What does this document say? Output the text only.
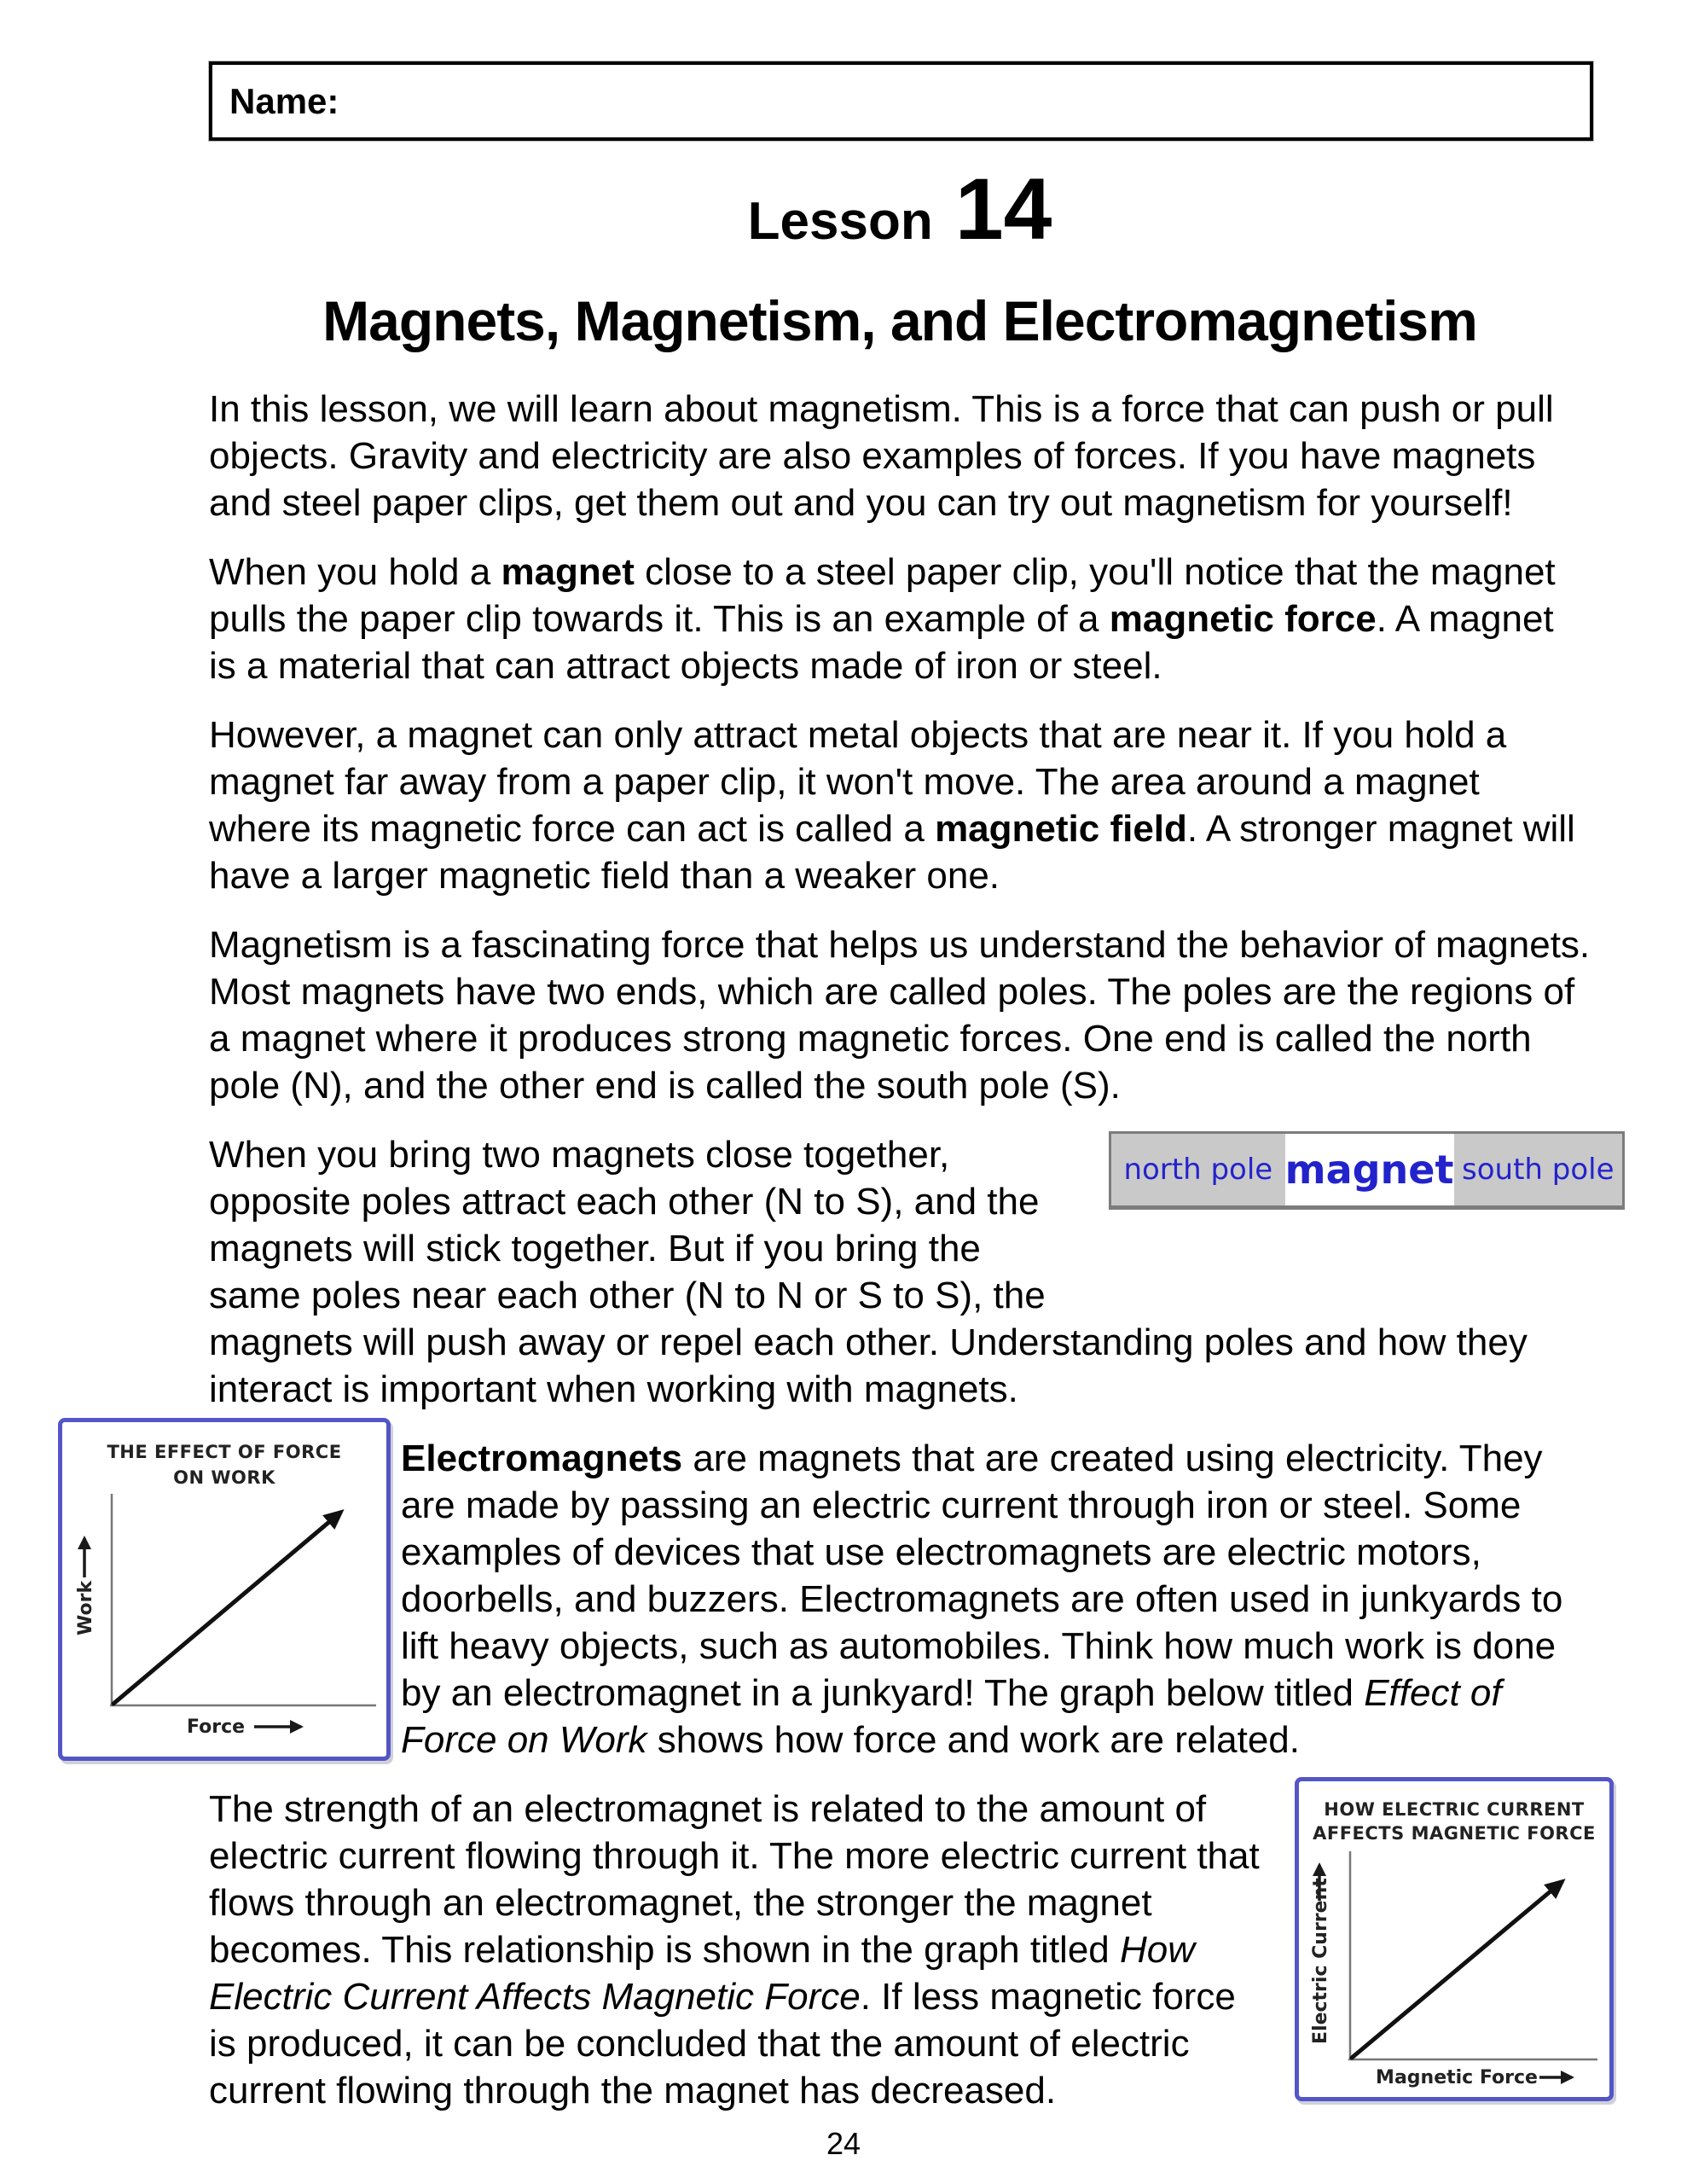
Name:
Lesson 14
Magnets, Magnetism, and Electromagnetism
In this lesson, we will learn about magnetism. This is a force that can push or pull objects. Gravity and electricity are also examples of forces. If you have magnets and steel paper clips, get them out and you can try out magnetism for yourself!
When you hold a magnet close to a steel paper clip, you'll notice that the magnet pulls the paper clip towards it. This is an example of a magnetic force. A magnet is a material that can attract objects made of iron or steel.
However, a magnet can only attract metal objects that are near it. If you hold a magnet far away from a paper clip, it won't move. The area around a magnet where its magnetic force can act is called a magnetic field. A stronger magnet will have a larger magnetic field than a weaker one.
Magnetism is a fascinating force that helps us understand the behavior of magnets. Most magnets have two ends, which are called poles. The poles are the regions of a magnet where it produces strong magnetic forces. One end is called the north pole (N), and the other end is called the south pole (S).
north pole magnet south pole
When you bring two magnets close together, opposite poles attract each other (N to S), and the magnets will stick together. But if you bring the same poles near each other (N to N or S to S), the magnets will push away or repel each other. Understanding poles and how they interact is important when working with magnets.
THE EFFECT OF FORCE
ON WORK
Work
Force
Electromagnets are magnets that are created using electricity. They are made by passing an electric current through iron or steel. Some examples of devices that use electromagnets are electric motors, doorbells, and buzzers. Electromagnets are often used in junkyards to lift heavy objects, such as automobiles. Think how much work is done by an electromagnet in a junkyard! The graph below titled Effect of Force on Work shows how force and work are related.
HOW ELECTRIC CURRENT
AFFECTS MAGNETIC FORCE
Electric Current
Magnetic Force
The strength of an electromagnet is related to the amount of electric current flowing through it. The more electric current that flows through an electromagnet, the stronger the magnet becomes. This relationship is shown in the graph titled How Electric Current Affects Magnetic Force. If less magnetic force is produced, it can be concluded that the amount of electric current flowing through the magnet has decreased.
24
